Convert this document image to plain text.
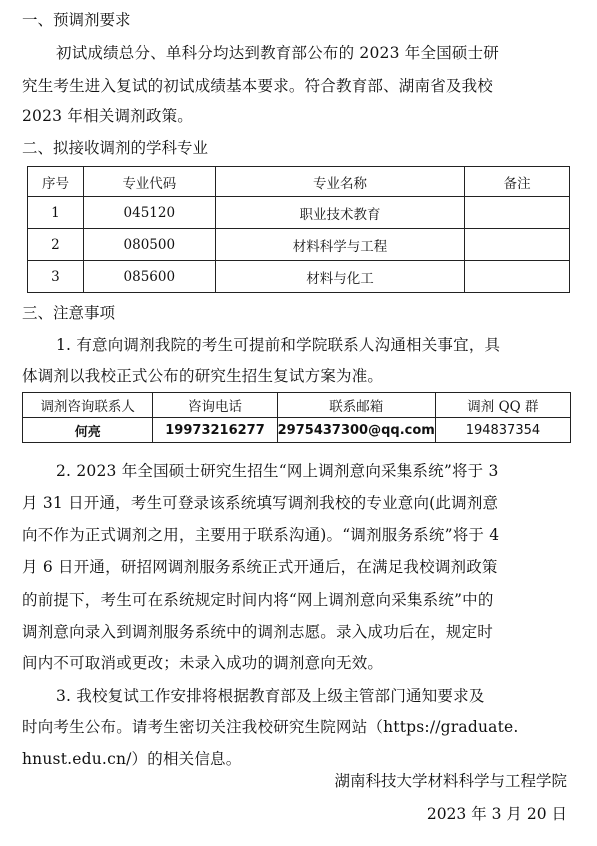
一、预调剂要求
初试成绩总分、单科分均达到教育部公布的 2023 年全国硕士研
究生考生进入复试的初试成绩基本要求。符合教育部、湖南省及我校
2023 年相关调剂政策。
二、拟接收调剂的学科专业
序号	专业代码	专业名称	备注
1	045120	职业技术教育	
2	080500	材料科学与工程	
3	085600	材料与化工	
三、注意事项
1. 有意向调剂我院的考生可提前和学院联系人沟通相关事宜，具
体调剂以我校正式公布的研究生招生复试方案为准。
调剂咨询联系人	咨询电话	联系邮箱	调剂 QQ 群
何亮	19973216277	2975437300@qq.com	194837354
2. 2023 年全国硕士研究生招生“网上调剂意向采集系统”将于 3
月 31 日开通，考生可登录该系统填写调剂我校的专业意向(此调剂意
向不作为正式调剂之用，主要用于联系沟通)。“调剂服务系统”将于 4
月 6 日开通，研招网调剂服务系统正式开通后，在满足我校调剂政策
的前提下，考生可在系统规定时间内将“网上调剂意向采集系统”中的
调剂意向录入到调剂服务系统中的调剂志愿。录入成功后在，规定时
间内不可取消或更改；未录入成功的调剂意向无效。
3. 我校复试工作安排将根据教育部及上级主管部门通知要求及
时向考生公布。请考生密切关注我校研究生院网站（https://graduate.
hnust.edu.cn/）的相关信息。
湖南科技大学材料科学与工程学院
2023 年 3 月 20 日
